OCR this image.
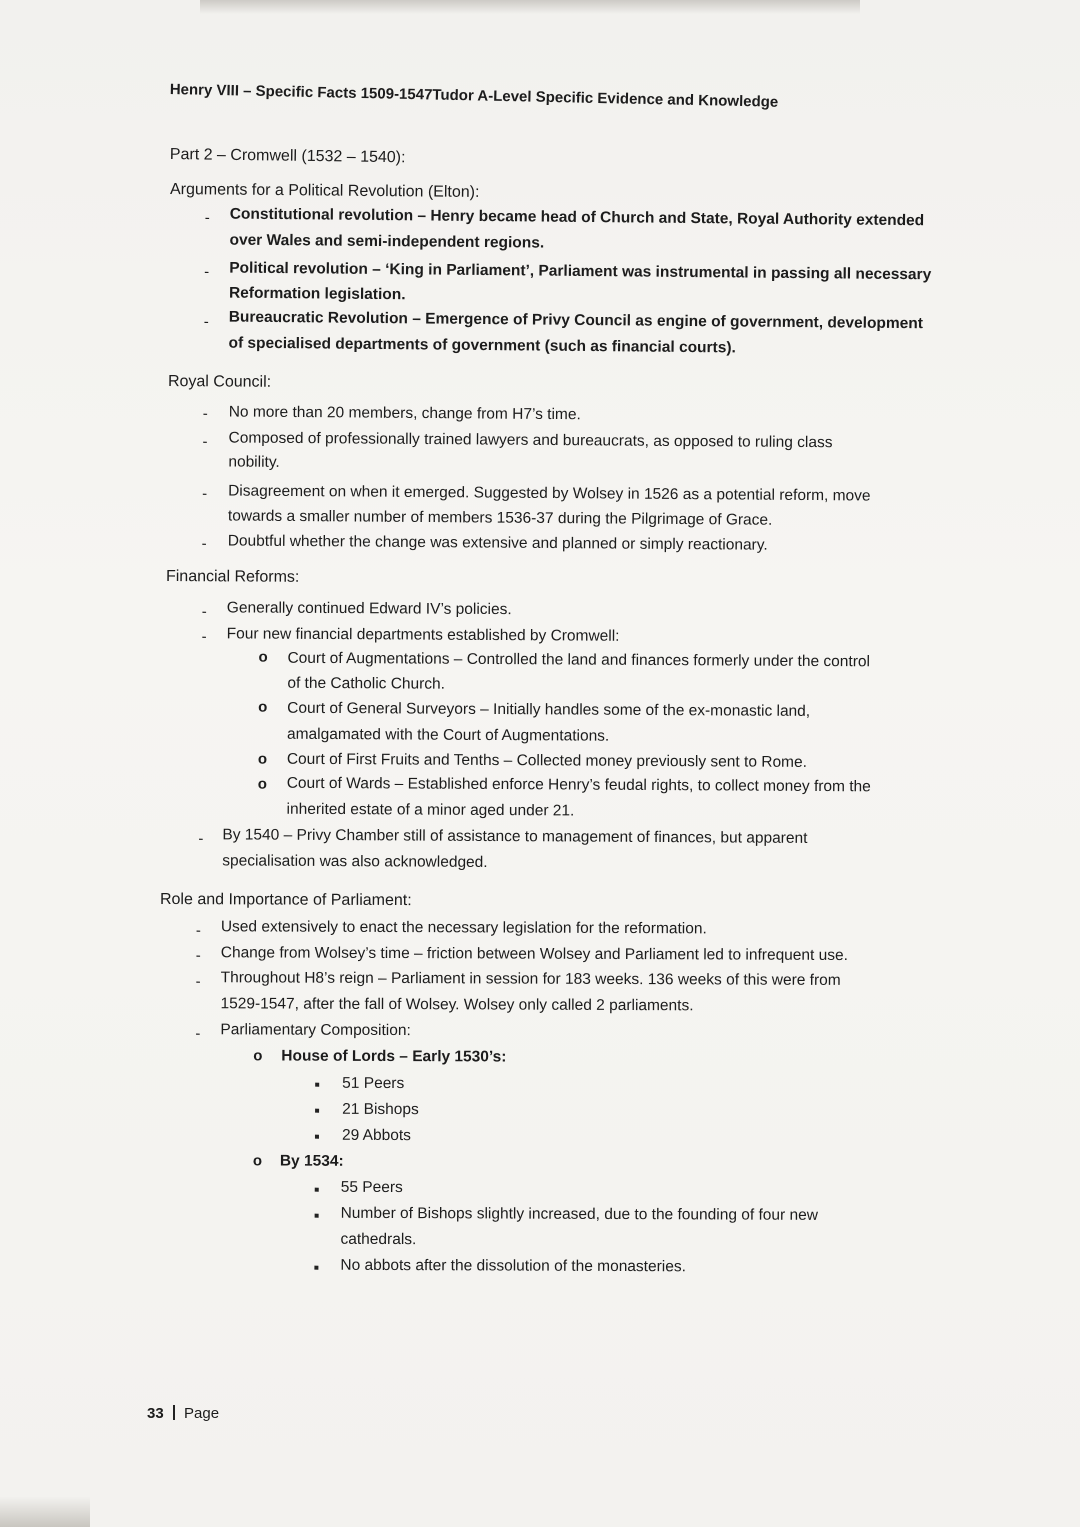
Henry VIII – Specific Facts 1509-1547Tudor A-Level Specific Evidence and Knowledge
Part 2 – Cromwell (1532 – 1540):
Arguments for a Political Revolution (Elton):
- Constitutional revolution – Henry became head of Church and State, Royal Authority extended
over Wales and semi-independent regions.
- Political revolution – ‘King in Parliament’, Parliament was instrumental in passing all necessary
Reformation legislation.
- Bureaucratic Revolution – Emergence of Privy Council as engine of government, development
of specialised departments of government (such as financial courts).
Royal Council:
- No more than 20 members, change from H7’s time.
- Composed of professionally trained lawyers and bureaucrats, as opposed to ruling class
nobility.
- Disagreement on when it emerged. Suggested by Wolsey in 1526 as a potential reform, move
towards a smaller number of members 1536-37 during the Pilgrimage of Grace.
- Doubtful whether the change was extensive and planned or simply reactionary.
Financial Reforms:
- Generally continued Edward IV’s policies.
- Four new financial departments established by Cromwell:
o Court of Augmentations – Controlled the land and finances formerly under the control
of the Catholic Church.
o Court of General Surveyors – Initially handles some of the ex-monastic land,
amalgamated with the Court of Augmentations.
o Court of First Fruits and Tenths – Collected money previously sent to Rome.
o Court of Wards – Established enforce Henry’s feudal rights, to collect money from the
inherited estate of a minor aged under 21.
- By 1540 – Privy Chamber still of assistance to management of finances, but apparent
specialisation was also acknowledged.
Role and Importance of Parliament:
- Used extensively to enact the necessary legislation for the reformation.
- Change from Wolsey’s time – friction between Wolsey and Parliament led to infrequent use.
- Throughout H8’s reign – Parliament in session for 183 weeks. 136 weeks of this were from
1529-1547, after the fall of Wolsey. Wolsey only called 2 parliaments.
- Parliamentary Composition:
o House of Lords – Early 1530’s:
51 Peers
21 Bishops
29 Abbots
o By 1534:
55 Peers
Number of Bishops slightly increased, due to the founding of four new
cathedrals.
No abbots after the dissolution of the monasteries.
33 Page
